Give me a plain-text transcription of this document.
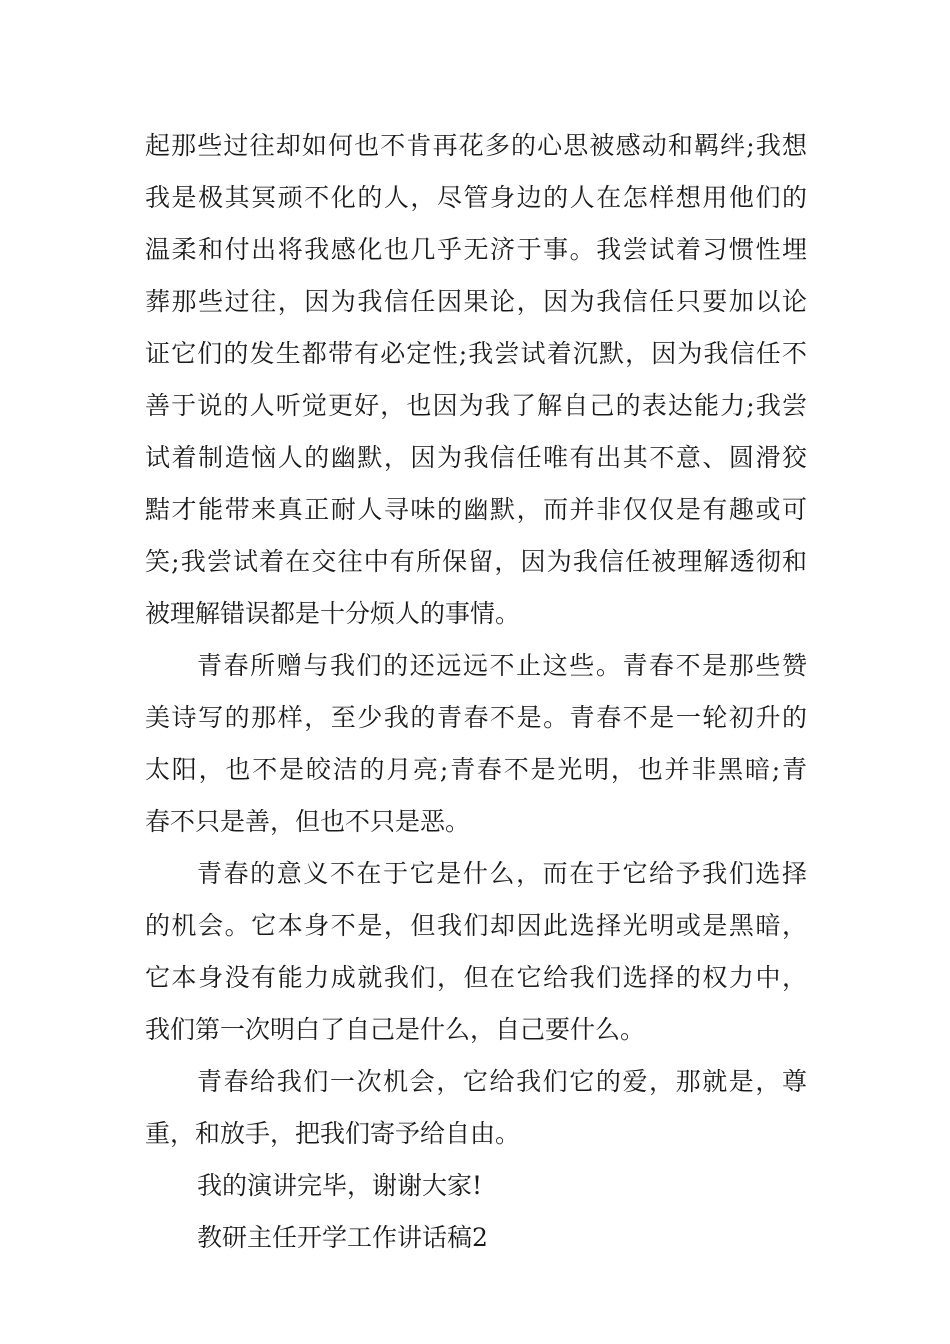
起那些过往却如何也不肯再花多的心思被感动和羁绊;我想
我是极其冥顽不化的人，尽管身边的人在怎样想用他们的
温柔和付出将我感化也几乎无济于事。我尝试着习惯性埋
葬那些过往，因为我信任因果论，因为我信任只要加以论
证它们的发生都带有必定性;我尝试着沉默，因为我信任不
善于说的人听觉更好，也因为我了解自己的表达能力;我尝
试着制造恼人的幽默，因为我信任唯有出其不意、圆滑狡
黠才能带来真正耐人寻味的幽默，而并非仅仅是有趣或可
笑;我尝试着在交往中有所保留，因为我信任被理解透彻和
被理解错误都是十分烦人的事情。
青春所赠与我们的还远远不止这些。青春不是那些赞
美诗写的那样，至少我的青春不是。青春不是一轮初升的
太阳，也不是皎洁的月亮;青春不是光明，也并非黑暗;青
春不只是善，但也不只是恶。
青春的意义不在于它是什么，而在于它给予我们选择
的机会。它本身不是，但我们却因此选择光明或是黑暗，
它本身没有能力成就我们，但在它给我们选择的权力中，
我们第一次明白了自己是什么，自己要什么。
青春给我们一次机会，它给我们它的爱，那就是，尊
重，和放手，把我们寄予给自由。
我的演讲完毕，谢谢大家!
教研主任开学工作讲话稿2
